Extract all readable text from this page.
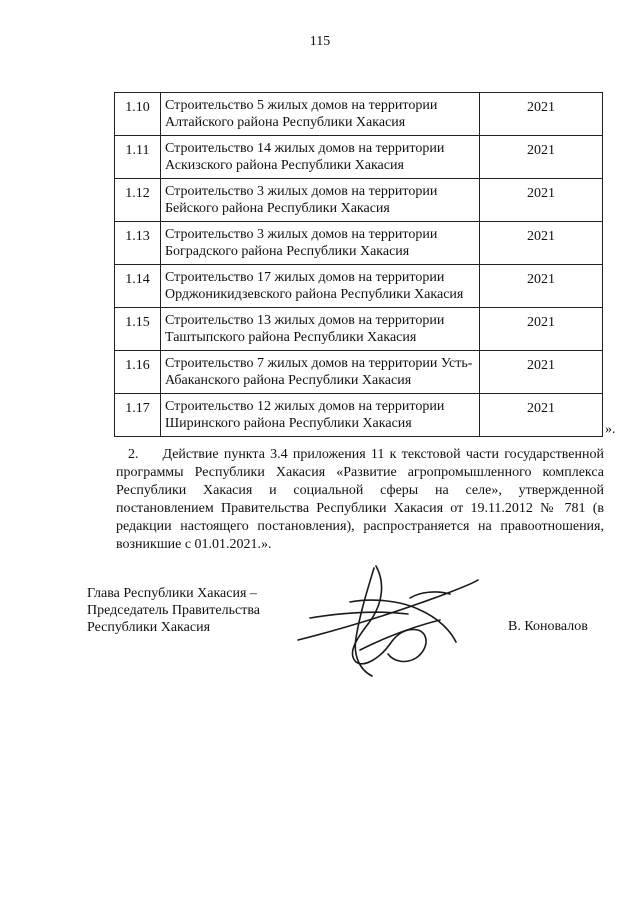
115
1.10	Строительство 5 жилых домов на территории
Алтайского района Республики Хакасия	2021
1.11	Строительство 14 жилых домов на территории
Аскизского района Республики Хакасия	2021
1.12	Строительство 3 жилых домов на территории
Бейского района Республики Хакасия	2021
1.13	Строительство 3 жилых домов на территории
Боградского района Республики Хакасия	2021
1.14	Строительство 17 жилых домов на территории
Орджоникидзевского района Республики Хакасия	2021
1.15	Строительство 13 жилых домов на территории
Таштыпского района Республики Хакасия	2021
1.16	Строительство 7 жилых домов на территории Усть-
Абаканского района Республики Хакасия	2021
1.17	Строительство 12 жилых домов на территории
Ширинского района Республики Хакасия	2021
».
2. Действие пункта 3.4 приложения 11 к текстовой части государственной программы Республики Хакасия «Развитие агропромышленного комплекса Республики Хакасия и социальной сферы на селе», утвержденной постановлением Правительства Республики Хакасия от 19.11.2012 № 781 (в редакции настоящего постановления), распространяется на правоотношения, возникшие с 01.01.2021.».
Глава Республики Хакасия –
Председатель Правительства
Республики Хакасия	В. Коновалов
